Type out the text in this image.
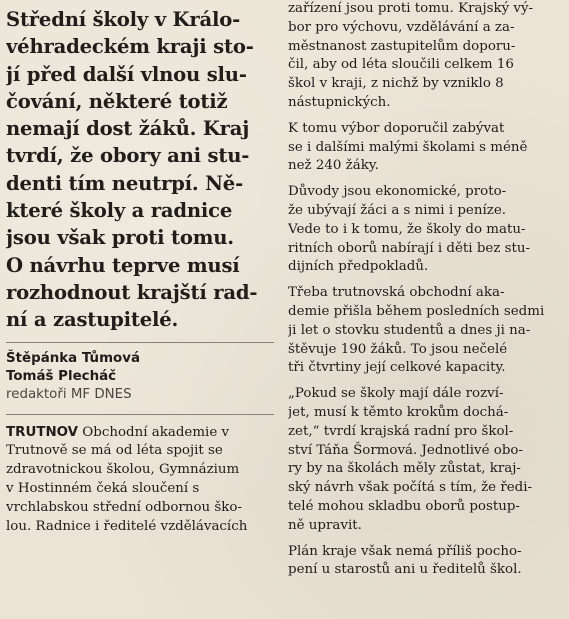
Střední školy v Králo-
véhradeckém kraji sto-
jí před další vlnou slu-
čování, některé totiž
nemají dost žáků. Kraj
tvrdí, že obory ani stu-
denti tím neutrpí. Ně-
které školy a radnice
jsou však proti tomu.
O návrhu teprve musí
rozhodnout krajští rad-
ní a zastupitelé.
Štěpánka Tůmová
Tomáš Plecháč
redaktoři MF DNES
TRUTNOV Obchodní akademie v
Trutnově se má od léta spojit se
zdravotnickou školou, Gymnázium
v Hostinném čeká sloučení s
vrchlabskou střední odbornou ško-
lou. Radnice i ředitelé vzdělávacích
zařízení jsou proti tomu. Krajský vý-
bor pro výchovu, vzdělávání a za-
městnanost zastupitelům doporu-
čil, aby od léta sloučili celkem 16
škol v kraji, z nichž by vzniklo 8
nástupnických.
K tomu výbor doporučil zabývat
se i dalšími malými školami s méně
než 240 žáky.
Důvody jsou ekonomické, proto-
že ubývají žáci a s nimi i peníze.
Vede to i k tomu, že školy do matu-
ritních oborů nabírají i děti bez stu-
dijních předpokladů.
Třeba trutnovská obchodní aka-
demie přišla během posledních sedmi
ji let o stovku studentů a dnes ji na-
štěvuje 190 žáků. To jsou nečelé
tři čtvrtiny její celkové kapacity.
„Pokud se školy mají dále rozví-
jet, musí k těmto krokům dochá-
zet,“ tvrdí krajská radní pro škol-
ství Táňa Šormová. Jednotlivé obo-
ry by na školách měly zůstat, kraj-
ský návrh však počítá s tím, že ředi-
telé mohou skladbu oborů postup-
ně upravit.
Plán kraje však nemá příliš pocho-
pení u starostů ani u ředitelů škol.
